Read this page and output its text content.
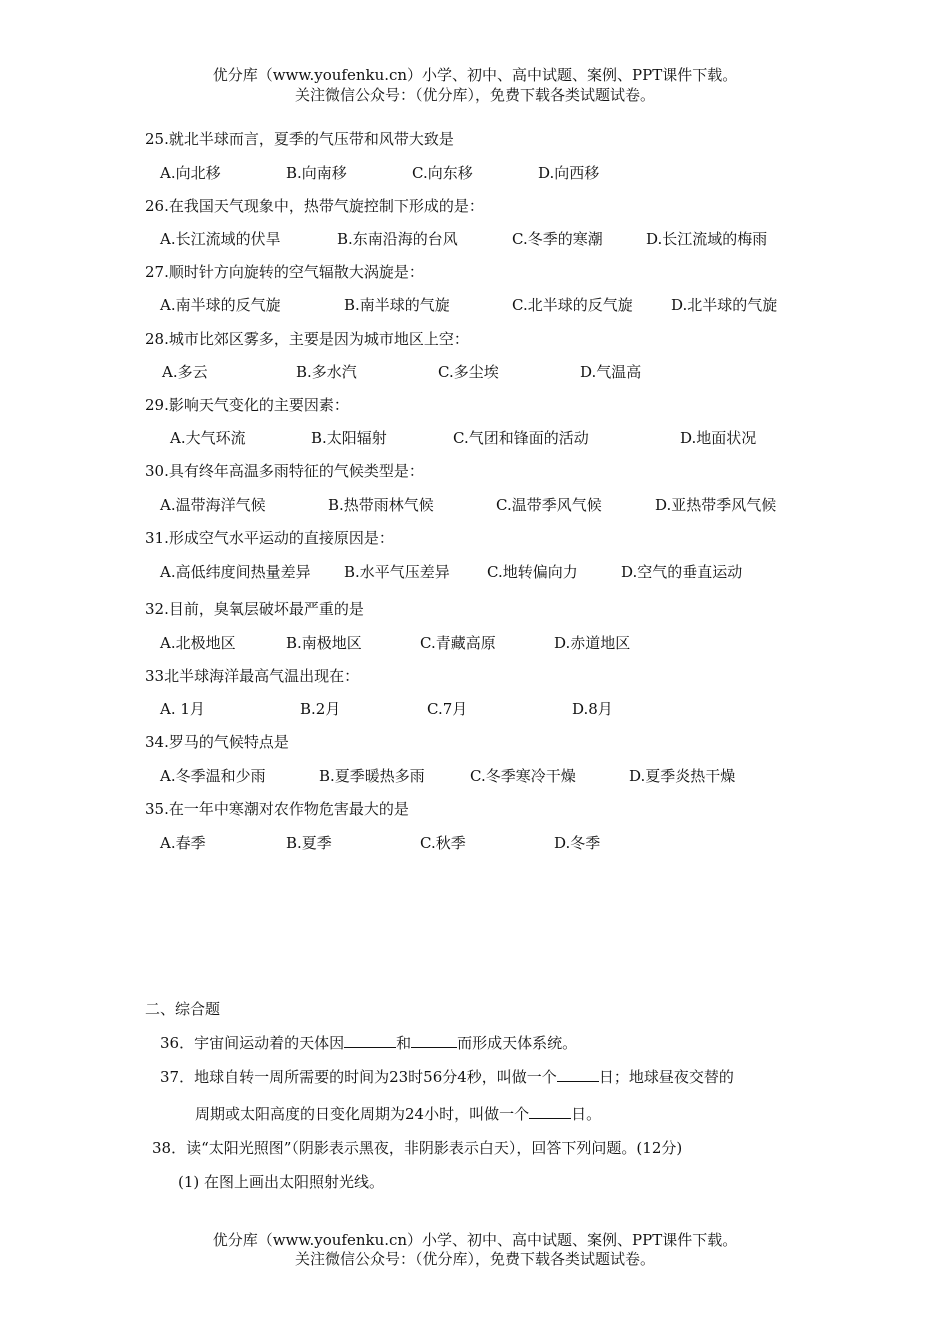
优分库（www.youfenku.cn）小学、初中、高中试题、案例、PPT课件下载。
关注微信公众号：（优分库），免费下载各类试题试卷。
25.就北半球而言，夏季的气压带和风带大致是
A.向北移	B.向南移	C.向东移	D.向西移
26.在我国天气现象中，热带气旋控制下形成的是：
A.长江流域的伏旱	B.东南沿海的台风	C.冬季的寒潮	D.长江流域的梅雨
27.顺时针方向旋转的空气辐散大涡旋是：
A.南半球的反气旋	B.南半球的气旋	C.北半球的反气旋	D.北半球的气旋
28.城市比郊区雾多，主要是因为城市地区上空：
A.多云	B.多水汽	C.多尘埃	D.气温高
29.影响天气变化的主要因素：
A.大气环流	B.太阳辐射	C.气团和锋面的活动	D.地面状况
30.具有终年高温多雨特征的气候类型是：
A.温带海洋气候	B.热带雨林气候	C.温带季风气候	D.亚热带季风气候
31.形成空气水平运动的直接原因是：
A.高低纬度间热量差异 B.水平气压差异 C.地转偏向力	D.空气的垂直运动
32.目前，臭氧层破坏最严重的是
A.北极地区	B.南极地区	C.青藏高原	D.赤道地区
33北半球海洋最高气温出现在：
A. 1月	B.2月	C.7月	D.8月
34.罗马的气候特点是
A.冬季温和少雨	B.夏季暖热多雨	C.冬季寒冷干燥	D.夏季炎热干燥
35.在一年中寒潮对农作物危害最大的是
A.春季	B.夏季	C.秋季	D.冬季
二、综合题
36．宇宙间运动着的天体因	和	而形成天体系统。
37．地球自转一周所需要的时间为23时56分4秒，叫做一个	日；地球昼夜交替的
周期或太阳高度的日变化周期为24小时，叫做一个	日。
38．读“太阳光照图”（阴影表示黑夜，非阴影表示白天），回答下列问题。(12分)
(1) 在图上画出太阳照射光线。
优分库（www.youfenku.cn）小学、初中、高中试题、案例、PPT课件下载。
关注微信公众号：（优分库），免费下载各类试题试卷。
